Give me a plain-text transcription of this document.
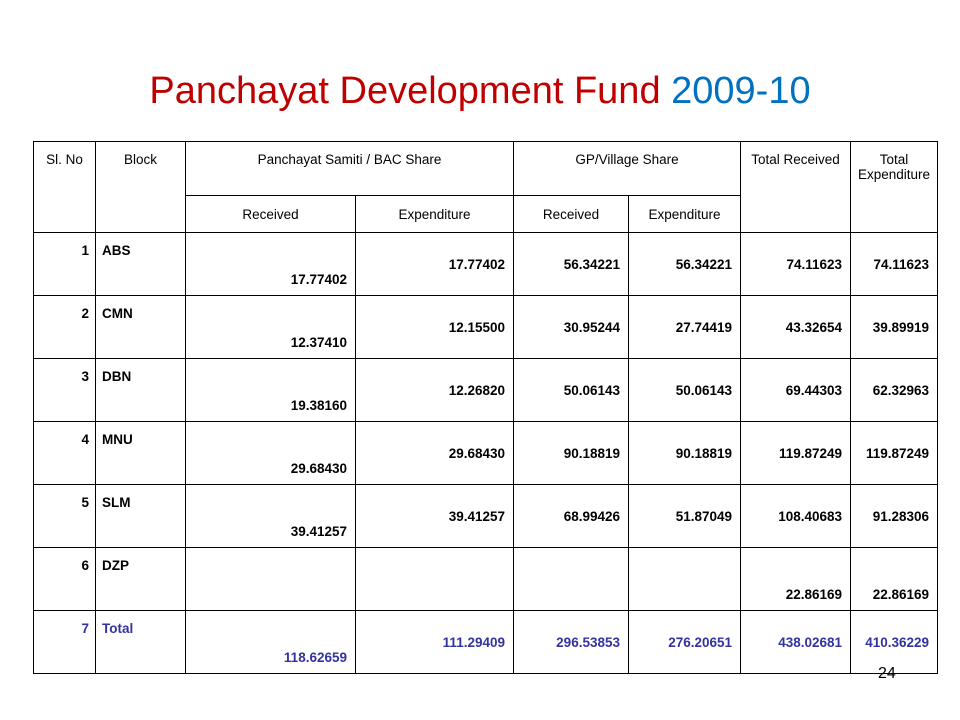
Panchayat Development Fund 2009-10
Sl. No	Block	Panchayat Samiti / BAC Share		GP/Village Share		Total Received	Total Expenditure
		Received	Expenditure	Received	Expenditure		
1	ABS	17.77402	17.77402	56.34221	56.34221	74.11623	74.11623
2	CMN	12.37410	12.15500	30.95244	27.74419	43.32654	39.89919
3	DBN	19.38160	12.26820	50.06143	50.06143	69.44303	62.32963
4	MNU	29.68430	29.68430	90.18819	90.18819	119.87249	119.87249
5	SLM	39.41257	39.41257	68.99426	51.87049	108.40683	91.28306
6	DZP					22.86169	22.86169
7	Total	118.62659	111.29409	296.53853	276.20651	438.02681	410.36229
24
